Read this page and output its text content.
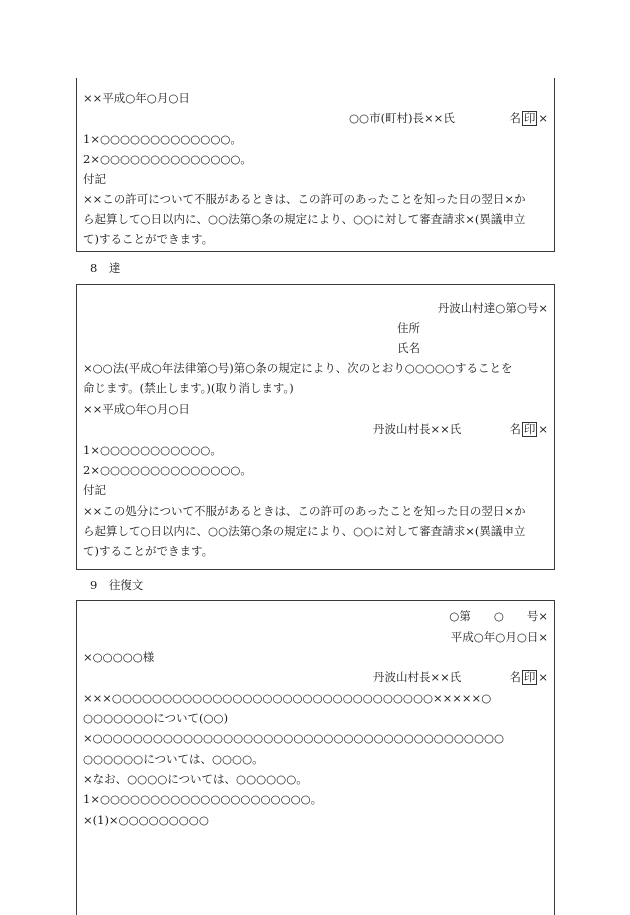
××平成○年○月○日
○○市(町村)長××氏	名 印 ×
1×○○○○○○○○○○○○○。
2×○○○○○○○○○○○○○○。
付記
××この許可について不服があるときは、この許可のあったことを知った日の翌日×か
ら起算して○日以内に、○○法第○条の規定により、○○に対して審査請求×(異議申立
て)することができます。
8　達
丹波山村達○第○号×
住所
氏名
×○○法(平成○年法律第○号)第○条の規定により、次のとおり○○○○○することを
命じます。(禁止します。)(取り消します。)
××平成○年○月○日
丹波山村長××氏	名 印 ×
1×○○○○○○○○○○○。
2×○○○○○○○○○○○○○○。
付記
××この処分について不服があるときは、この許可のあったことを知った日の翌日×か
ら起算して○日以内に、○○法第○条の規定により、○○に対して審査請求×(異議申立
て)することができます。
9　往復文
○第　　○　　号×
平成○年○月○日×
×○○○○○様
丹波山村長××氏	名 印 ×
×××○○○○○○○○○○○○○○○○○○○○○○○○○○○○○○○○×××××○
○○○○○○○について(○○)
×○○○○○○○○○○○○○○○○○○○○○○○○○○○○○○○○○○○○○○○○○
○○○○○○については、○○○○。
×なお、○○○○については、○○○○○○。
1×○○○○○○○○○○○○○○○○○○○○○。
×(1)×○○○○○○○○○
